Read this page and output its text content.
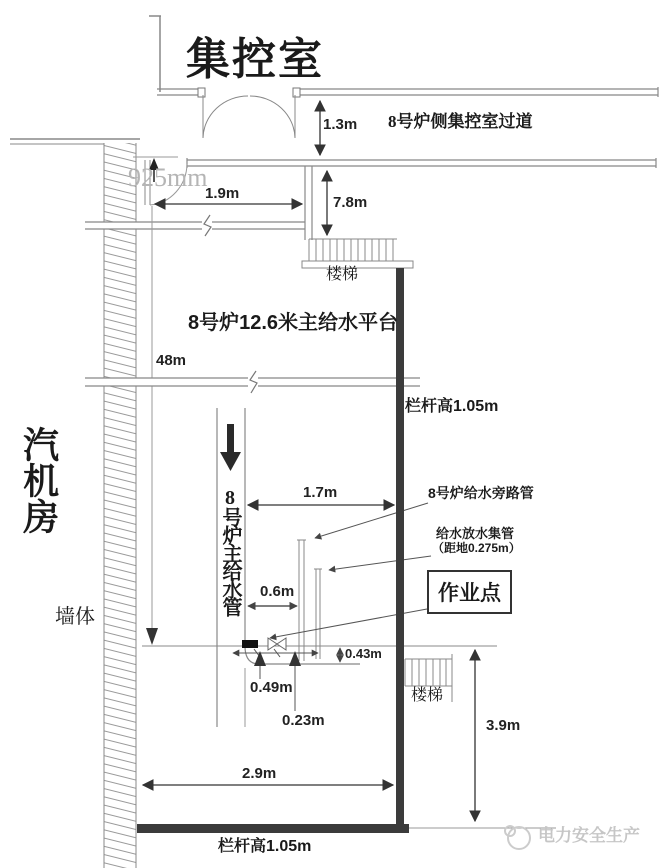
集控室
8号炉侧集控室过道
1.3m
7.8m
1.9m
925mm
楼梯
8号炉12.6米主给水平台
48m
栏杆高1.05m
汽机房
墙体
8号炉主给水管	1.7m	8号炉给水旁路管
给水放水集管
（距地0.275m）
作业点
0.6m
0.43m
0.49m
0.23m
楼梯
3.9m
2.9m
栏杆高1.05m
电力安全生产
